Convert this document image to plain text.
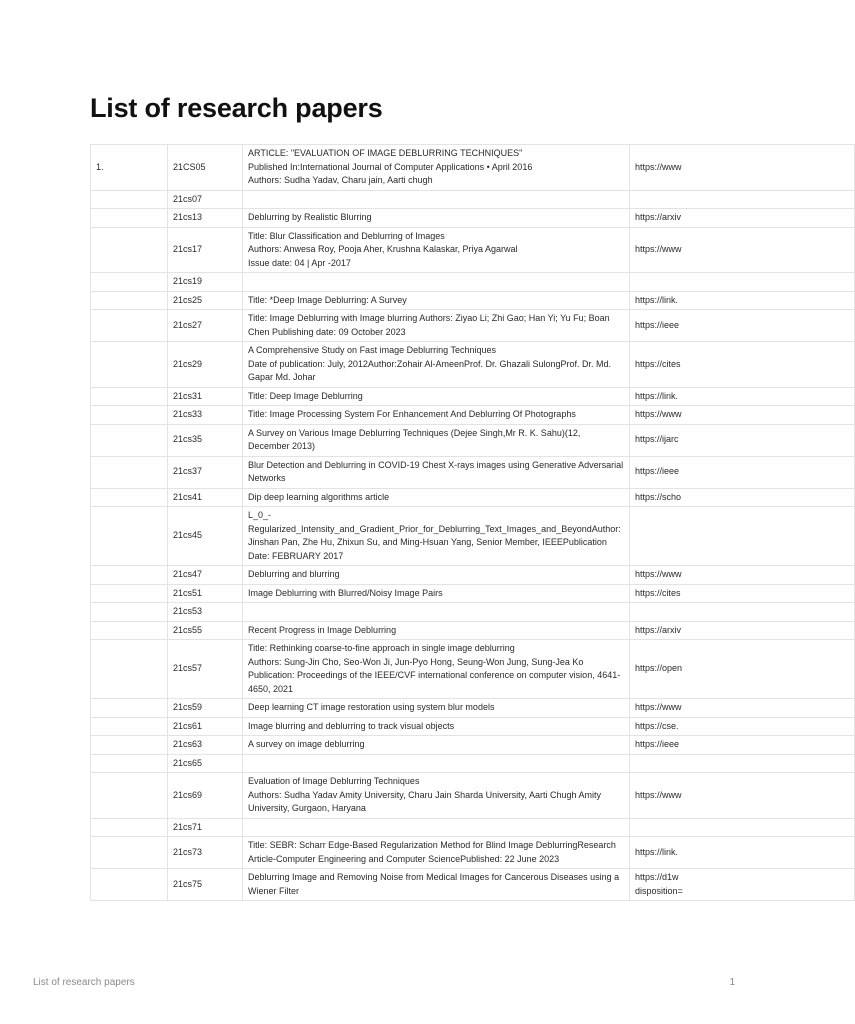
List of research papers
1.	21CS05	ARTICLE: "EVALUATION OF IMAGE DEBLURRING TECHNIQUES"
Published In:International Journal of Computer Applications • April 2016
Authors: Sudha Yadav, Charu jain, Aarti chugh	https://www

	21cs07		
	21cs13	Deblurring by Realistic Blurring	https://arxiv

	21cs17	Title: Blur Classification and Deblurring of Images
Authors: Anwesa Roy, Pooja Aher, Krushna Kalaskar, Priya Agarwal
Issue date: 04 | Apr -2017	https://www

	21cs19		
	21cs25	Title: *Deep Image Deblurring: A Survey	https://link.

	21cs27	Title: Image Deblurring with Image blurring Authors: Ziyao Li; Zhi Gao; Han Yi; Yu Fu; Boan Chen Publishing date: 09 October 2023	https://ieee

	21cs29	A Comprehensive Study on Fast image Deblurring Techniques
Date of publication: July, 2012Author:Zohair Al-AmeenProf. Dr. Ghazali SulongProf. Dr. Md. Gapar Md. Johar	https://cites

	21cs31	Title: Deep Image Deblurring	https://link.

	21cs33	Title: Image Processing System For Enhancement And Deblurring Of Photographs	https://www

	21cs35	A Survey on Various Image Deblurring Techniques (Dejee Singh,Mr R. K. Sahu)(12, December 2013)	https://ijarc

	21cs37	Blur Detection and Deblurring in COVID-19 Chest X-rays images using Generative Adversarial Networks	https://ieee

	21cs41	Dip deep learning algorithms article	https://scho

	21cs45	L_0_-
Regularized_Intensity_and_Gradient_Prior_for_Deblurring_Text_Images_and_BeyondAuthor: Jinshan Pan, Zhe Hu, Zhixun Su, and Ming-Hsuan Yang, Senior Member, IEEEPublication Date: FEBRUARY 2017	

	21cs47	Deblurring and blurring	https://www

	21cs51	Image Deblurring with Blurred/Noisy Image Pairs	https://cites

	21cs53		
	21cs55	Recent Progress in Image Deblurring	https://arxiv

	21cs57	Title: Rethinking coarse-to-fine approach in single image deblurring
Authors: Sung-Jin Cho, Seo-Won Ji, Jun-Pyo Hong, Seung-Won Jung, Sung-Jea Ko
Publication: Proceedings of the IEEE/CVF international conference on computer vision, 4641-4650, 2021	https://open

	21cs59	Deep learning CT image restoration using system blur models	https://www

	21cs61	Image blurring and deblurring to track visual objects	https://cse.

	21cs63	A survey on image deblurring	https://ieee

	21cs65		
	21cs69	Evaluation of Image Deblurring Techniques
Authors: Sudha Yadav Amity University, Charu Jain Sharda University, Aarti Chugh Amity University, Gurgaon, Haryana	https://www

	21cs71		
	21cs73	Title: SEBR: Scharr Edge-Based Regularization Method for Blind Image DeblurringResearch Article-Computer Engineering and Computer SciencePublished: 22 June 2023	https://link.

	21cs75	Deblurring Image and Removing Noise from Medical Images for Cancerous Diseases using a Wiener Filter	https://d1w
disposition=
List of research papers	1
